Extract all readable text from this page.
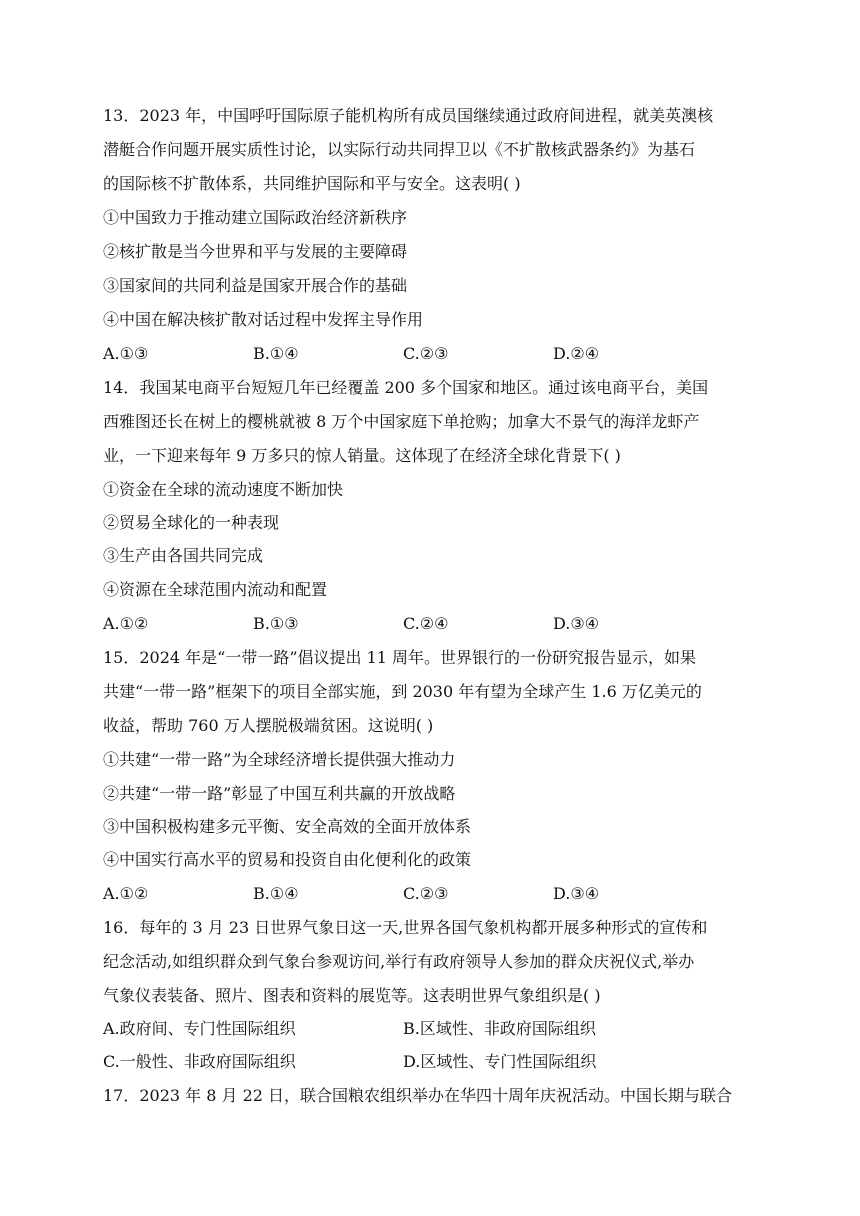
13．2023 年，中国呼吁国际原子能机构所有成员国继续通过政府间进程，就美英澳核
潜艇合作问题开展实质性讨论，以实际行动共同捍卫以《不扩散核武器条约》为基石
的国际核不扩散体系，共同维护国际和平与安全。这表明( )
①中国致力于推动建立国际政治经济新秩序
②核扩散是当今世界和平与发展的主要障碍
③国家间的共同利益是国家开展合作的基础
④中国在解决核扩散对话过程中发挥主导作用
A.①③	B.①④	C.②③	D.②④
14．我国某电商平台短短几年已经覆盖 200 多个国家和地区。通过该电商平台，美国
西雅图还长在树上的樱桃就被 8 万个中国家庭下单抢购；加拿大不景气的海洋龙虾产
业，一下迎来每年 9 万多只的惊人销量。这体现了在经济全球化背景下( )
①资金在全球的流动速度不断加快
②贸易全球化的一种表现
③生产由各国共同完成
④资源在全球范围内流动和配置
A.①②	B.①③	C.②④	D.③④
15．2024 年是“一带一路”倡议提出 11 周年。世界银行的一份研究报告显示，如果
共建“一带一路”框架下的项目全部实施，到 2030 年有望为全球产生 1.6 万亿美元的
收益，帮助 760 万人摆脱极端贫困。这说明( )
①共建“一带一路”为全球经济增长提供强大推动力
②共建“一带一路”彰显了中国互利共赢的开放战略
③中国积极构建多元平衡、安全高效的全面开放体系
④中国实行高水平的贸易和投资自由化便利化的政策
A.①②	B.①④	C.②③	D.③④
16．每年的 3 月 23 日世界气象日这一天,世界各国气象机构都开展多种形式的宣传和
纪念活动,如组织群众到气象台参观访问,举行有政府领导人参加的群众庆祝仪式,举办
气象仪表装备、照片、图表和资料的展览等。这表明世界气象组织是( )
A.政府间、专门性国际组织	B.区域性、非政府国际组织
C.一般性、非政府国际组织	D.区域性、专门性国际组织
17．2023 年 8 月 22 日，联合国粮农组织举办在华四十周年庆祝活动。中国长期与联合
